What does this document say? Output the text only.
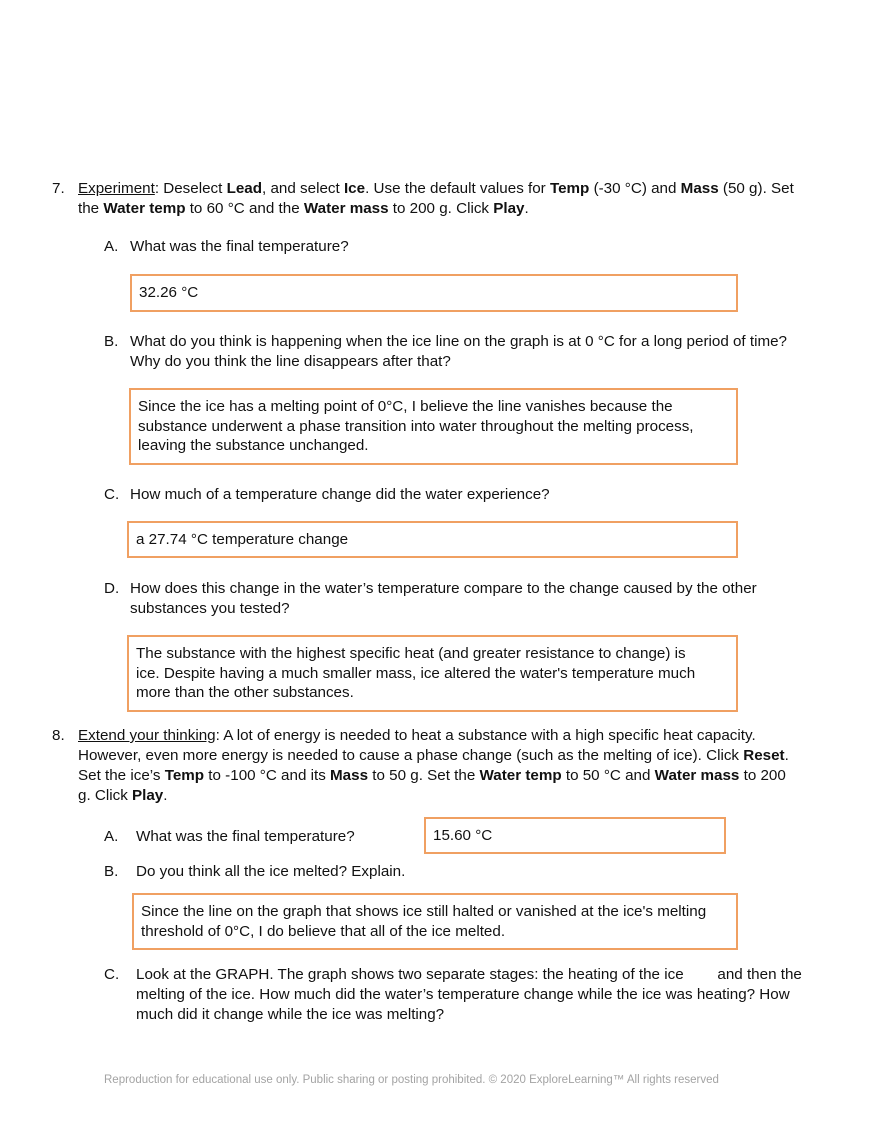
7. Experiment: Deselect Lead, and select Ice. Use the default values for Temp (-30 °C) and Mass (50 g). Set
the Water temp to 60 °C and the Water mass to 200 g. Click Play.
A. What was the final temperature?
32.26 °C
B. What do you think is happening when the ice line on the graph is at 0 °C for a long period of time?
Why do you think the line disappears after that?
Since the ice has a melting point of 0°C, I believe the line vanishes because the
substance underwent a phase transition into water throughout the melting process,
leaving the substance unchanged.
C. How much of a temperature change did the water experience?
a 27.74 °C temperature change
D. How does this change in the water’s temperature compare to the change caused by the other
substances you tested?
The substance with the highest specific heat (and greater resistance to change) is
ice. Despite having a much smaller mass, ice altered the water's temperature much
more than the other substances.
8. Extend your thinking: A lot of energy is needed to heat a substance with a high specific heat capacity.
However, even more energy is needed to cause a phase change (such as the melting of ice). Click Reset.
Set the ice’s Temp to -100 °C and its Mass to 50 g. Set the Water temp to 50 °C and Water mass to 200
g. Click Play.
A. What was the final temperature?	15.60 °C
B. Do you think all the ice melted? Explain.
Since the line on the graph that shows ice still halted or vanished at the ice's melting
threshold of 0°C, I do believe that all of the ice melted.
C. Look at the GRAPH. The graph shows two separate stages: the heating of the ice        and then the
melting of the ice. How much did the water’s temperature change while the ice was heating? How
much did it change while the ice was melting?
Reproduction for educational use only. Public sharing or posting prohibited. © 2020 ExploreLearning™ All rights reserved
